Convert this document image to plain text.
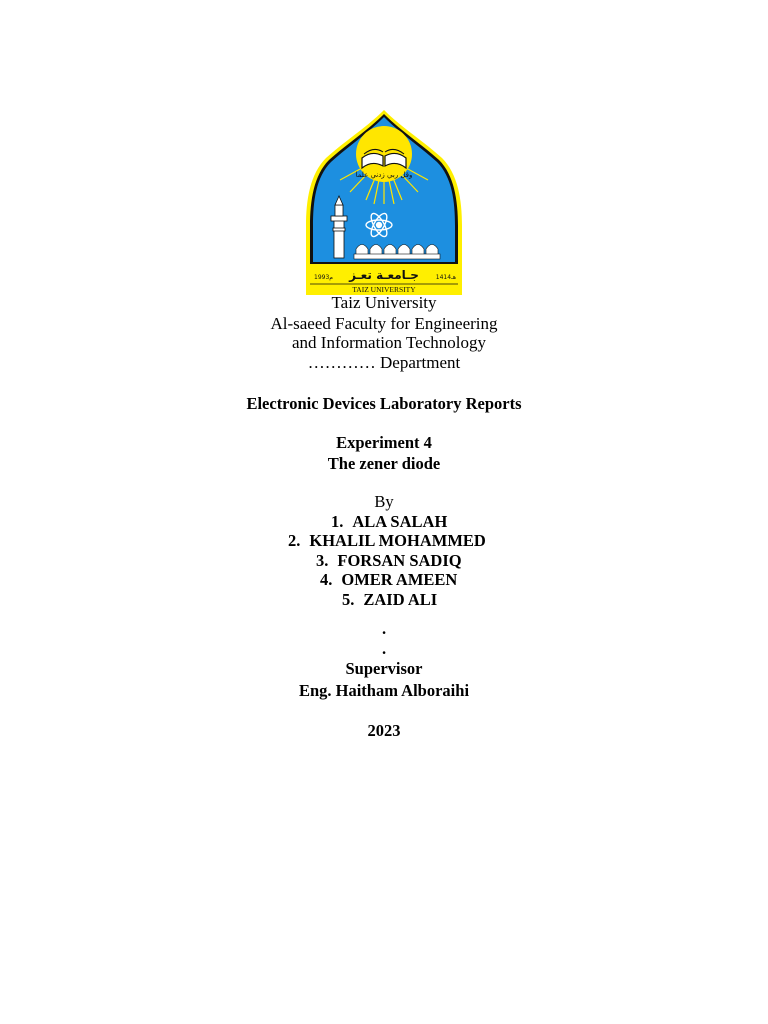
وقل ربي زدني علما
جـامعـة تعـز
1993م	1414هـ
TAIZ UNIVERSITY
Taiz University
Al-saeed Faculty for Engineering
and Information Technology
………… Department
Electronic Devices Laboratory Reports
Experiment 4
The zener diode
By
1. ALA SALAH
2. KHALIL MOHAMMED
3. FORSAN SADIQ
4. OMER AMEEN
5. ZAID ALI
.
.
Supervisor
Eng. Haitham Alboraihi
2023
